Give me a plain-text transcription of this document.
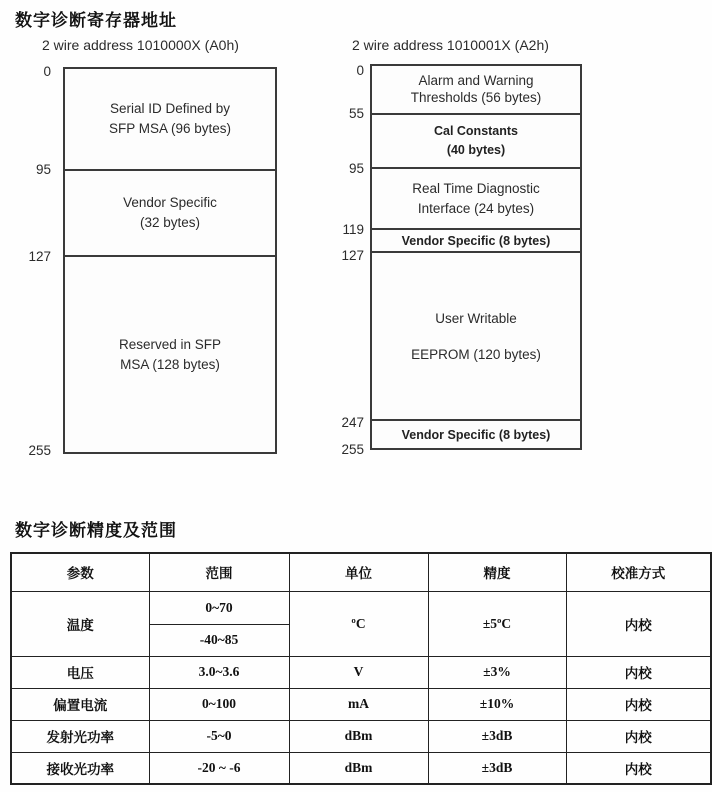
数字诊断寄存器地址
2 wire address 1010000X (A0h)
Serial ID Defined by
SFP MSA (96 bytes)
Vendor Specific
(32 bytes)
Reserved in SFP
MSA (128 bytes)
0
95
127
255
2 wire address 1010001X (A2h)
Alarm and Warning
Thresholds (56 bytes)
Cal Constants
(40 bytes)
Real Time Diagnostic
Interface (24 bytes)
Vendor Specific (8 bytes)
User Writable
EEPROM (120 bytes)
Vendor Specific (8 bytes)
0
55
95
119
127
247
255
数字诊断精度及范围
参数	范围	单位	精度	校准方式
温度	0~70	ºC	±5ºC	内校
	-40~85			
电压	3.0~3.6	V	±3%	内校
偏置电流	0~100	mA	±10%	内校
发射光功率	-5~0	dBm	±3dB	内校
接收光功率	-20 ~ -6	dBm	±3dB	内校
